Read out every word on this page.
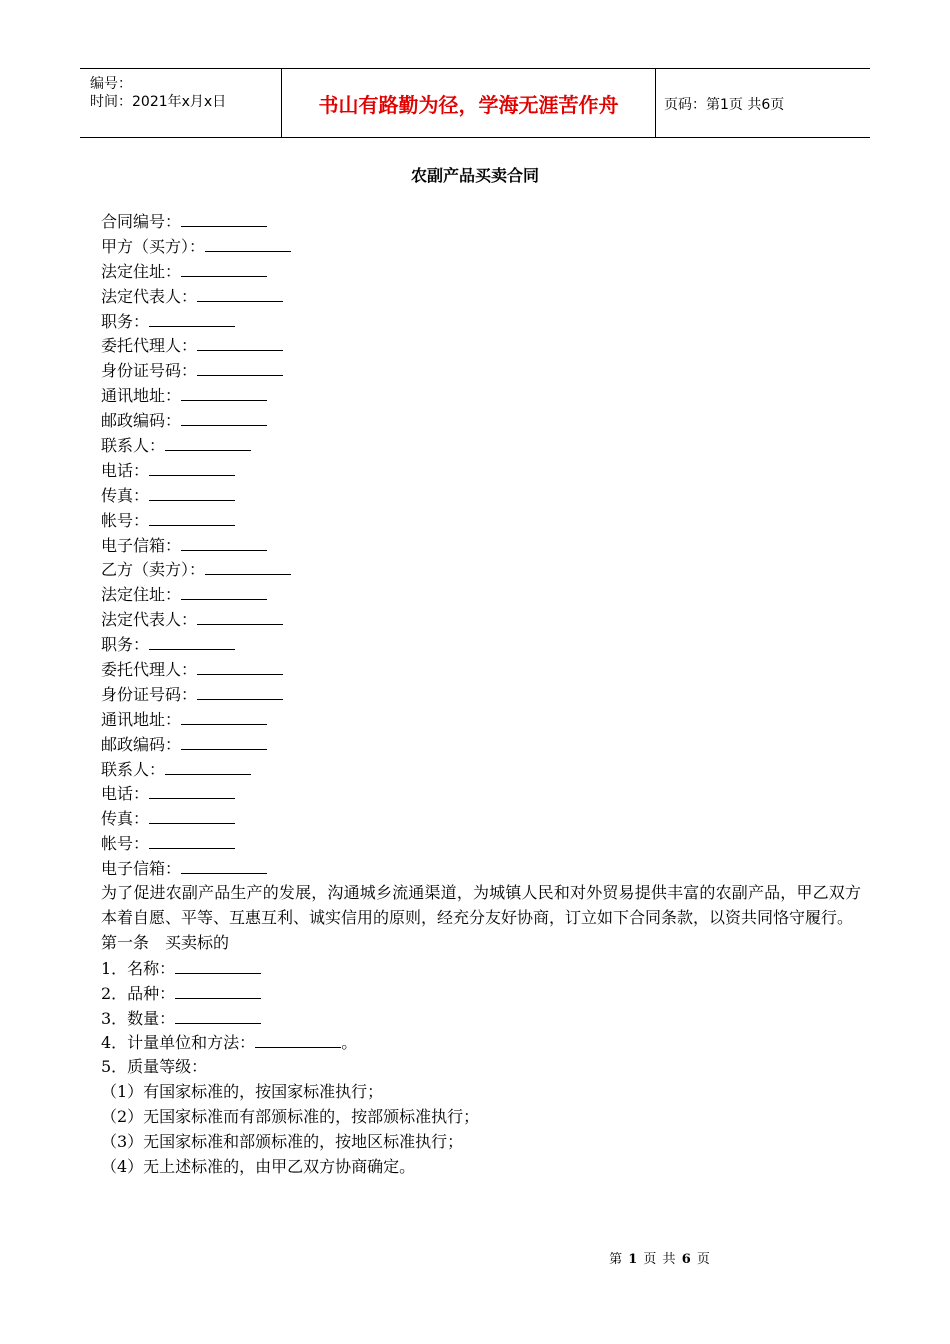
编号：
时间：2021年x月x日	书山有路勤为径，学海无涯苦作舟	页码：第1页 共6页
农副产品买卖合同
合同编号：
甲方（买方）：
法定住址：
法定代表人：
职务：
委托代理人：
身份证号码：
通讯地址：
邮政编码：
联系人：
电话：
传真：
帐号：
电子信箱：
乙方（卖方）：
法定住址：
法定代表人：
职务：
委托代理人：
身份证号码：
通讯地址：
邮政编码：
联系人：
电话：
传真：
帐号：
电子信箱：
为了促进农副产品生产的发展，沟通城乡流通渠道，为城镇人民和对外贸易提供丰富的农副产品，甲乙双方本着自愿、平等、互惠互利、诚实信用的原则，经充分友好协商，订立如下合同条款，以资共同恪守履行。
第一条　买卖标的
1．名称：
2．品种：
3．数量：
4．计量单位和方法：	。
5．质量等级：
（1）有国家标准的，按国家标准执行；
（2）无国家标准而有部颁标准的，按部颁标准执行；
（3）无国家标准和部颁标准的，按地区标准执行；
（4）无上述标准的，由甲乙双方协商确定。
第 1 页 共 6 页
